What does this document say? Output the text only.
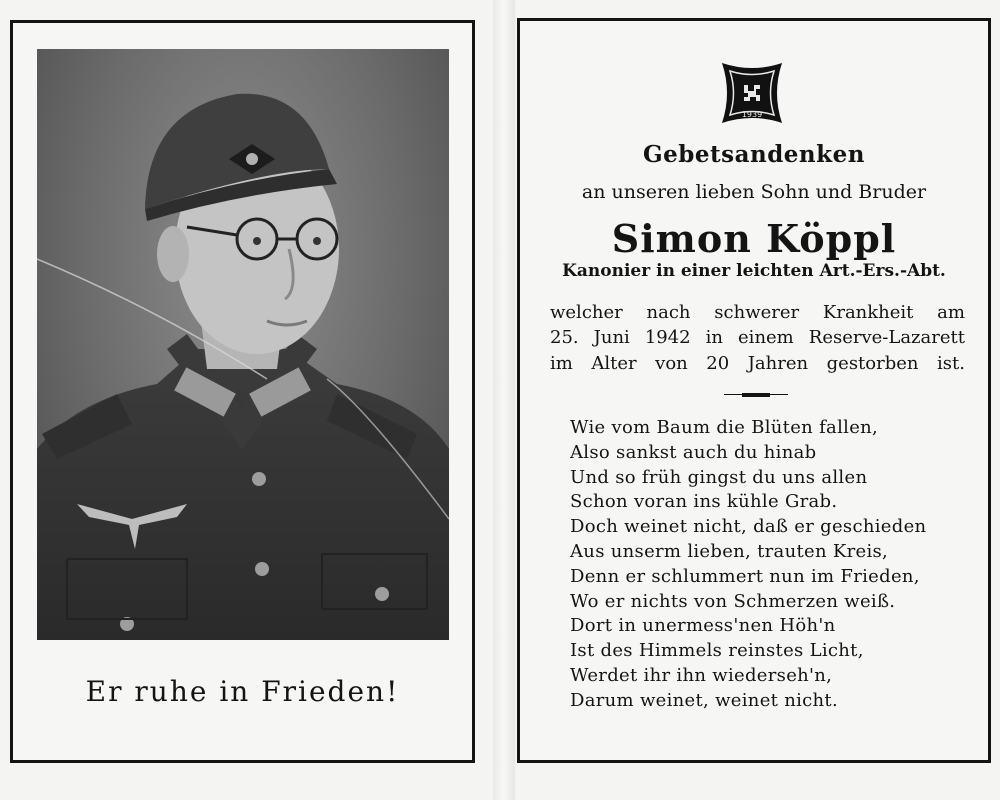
Er ruhe in Frieden!
1939
Gebetsandenken
an unseren lieben Sohn und Bruder
Simon Köppl
Kanonier in einer leichten Art.-Ers.-Abt.
welcher nach schwerer Krankheit am
25. Juni 1942 in einem Reserve-Lazarett
im Alter von 20 Jahren gestorben ist.
Wie vom Baum die Blüten fallen,
Also sankst auch du hinab
Und so früh gingst du uns allen
Schon voran ins kühle Grab.
Doch weinet nicht, daß er geschieden
Aus unserm lieben, trauten Kreis,
Denn er schlummert nun im Frieden,
Wo er nichts von Schmerzen weiß.
Dort in unermess'nen Höh'n
Ist des Himmels reinstes Licht,
Werdet ihr ihn wiederseh'n,
Darum weinet, weinet nicht.
